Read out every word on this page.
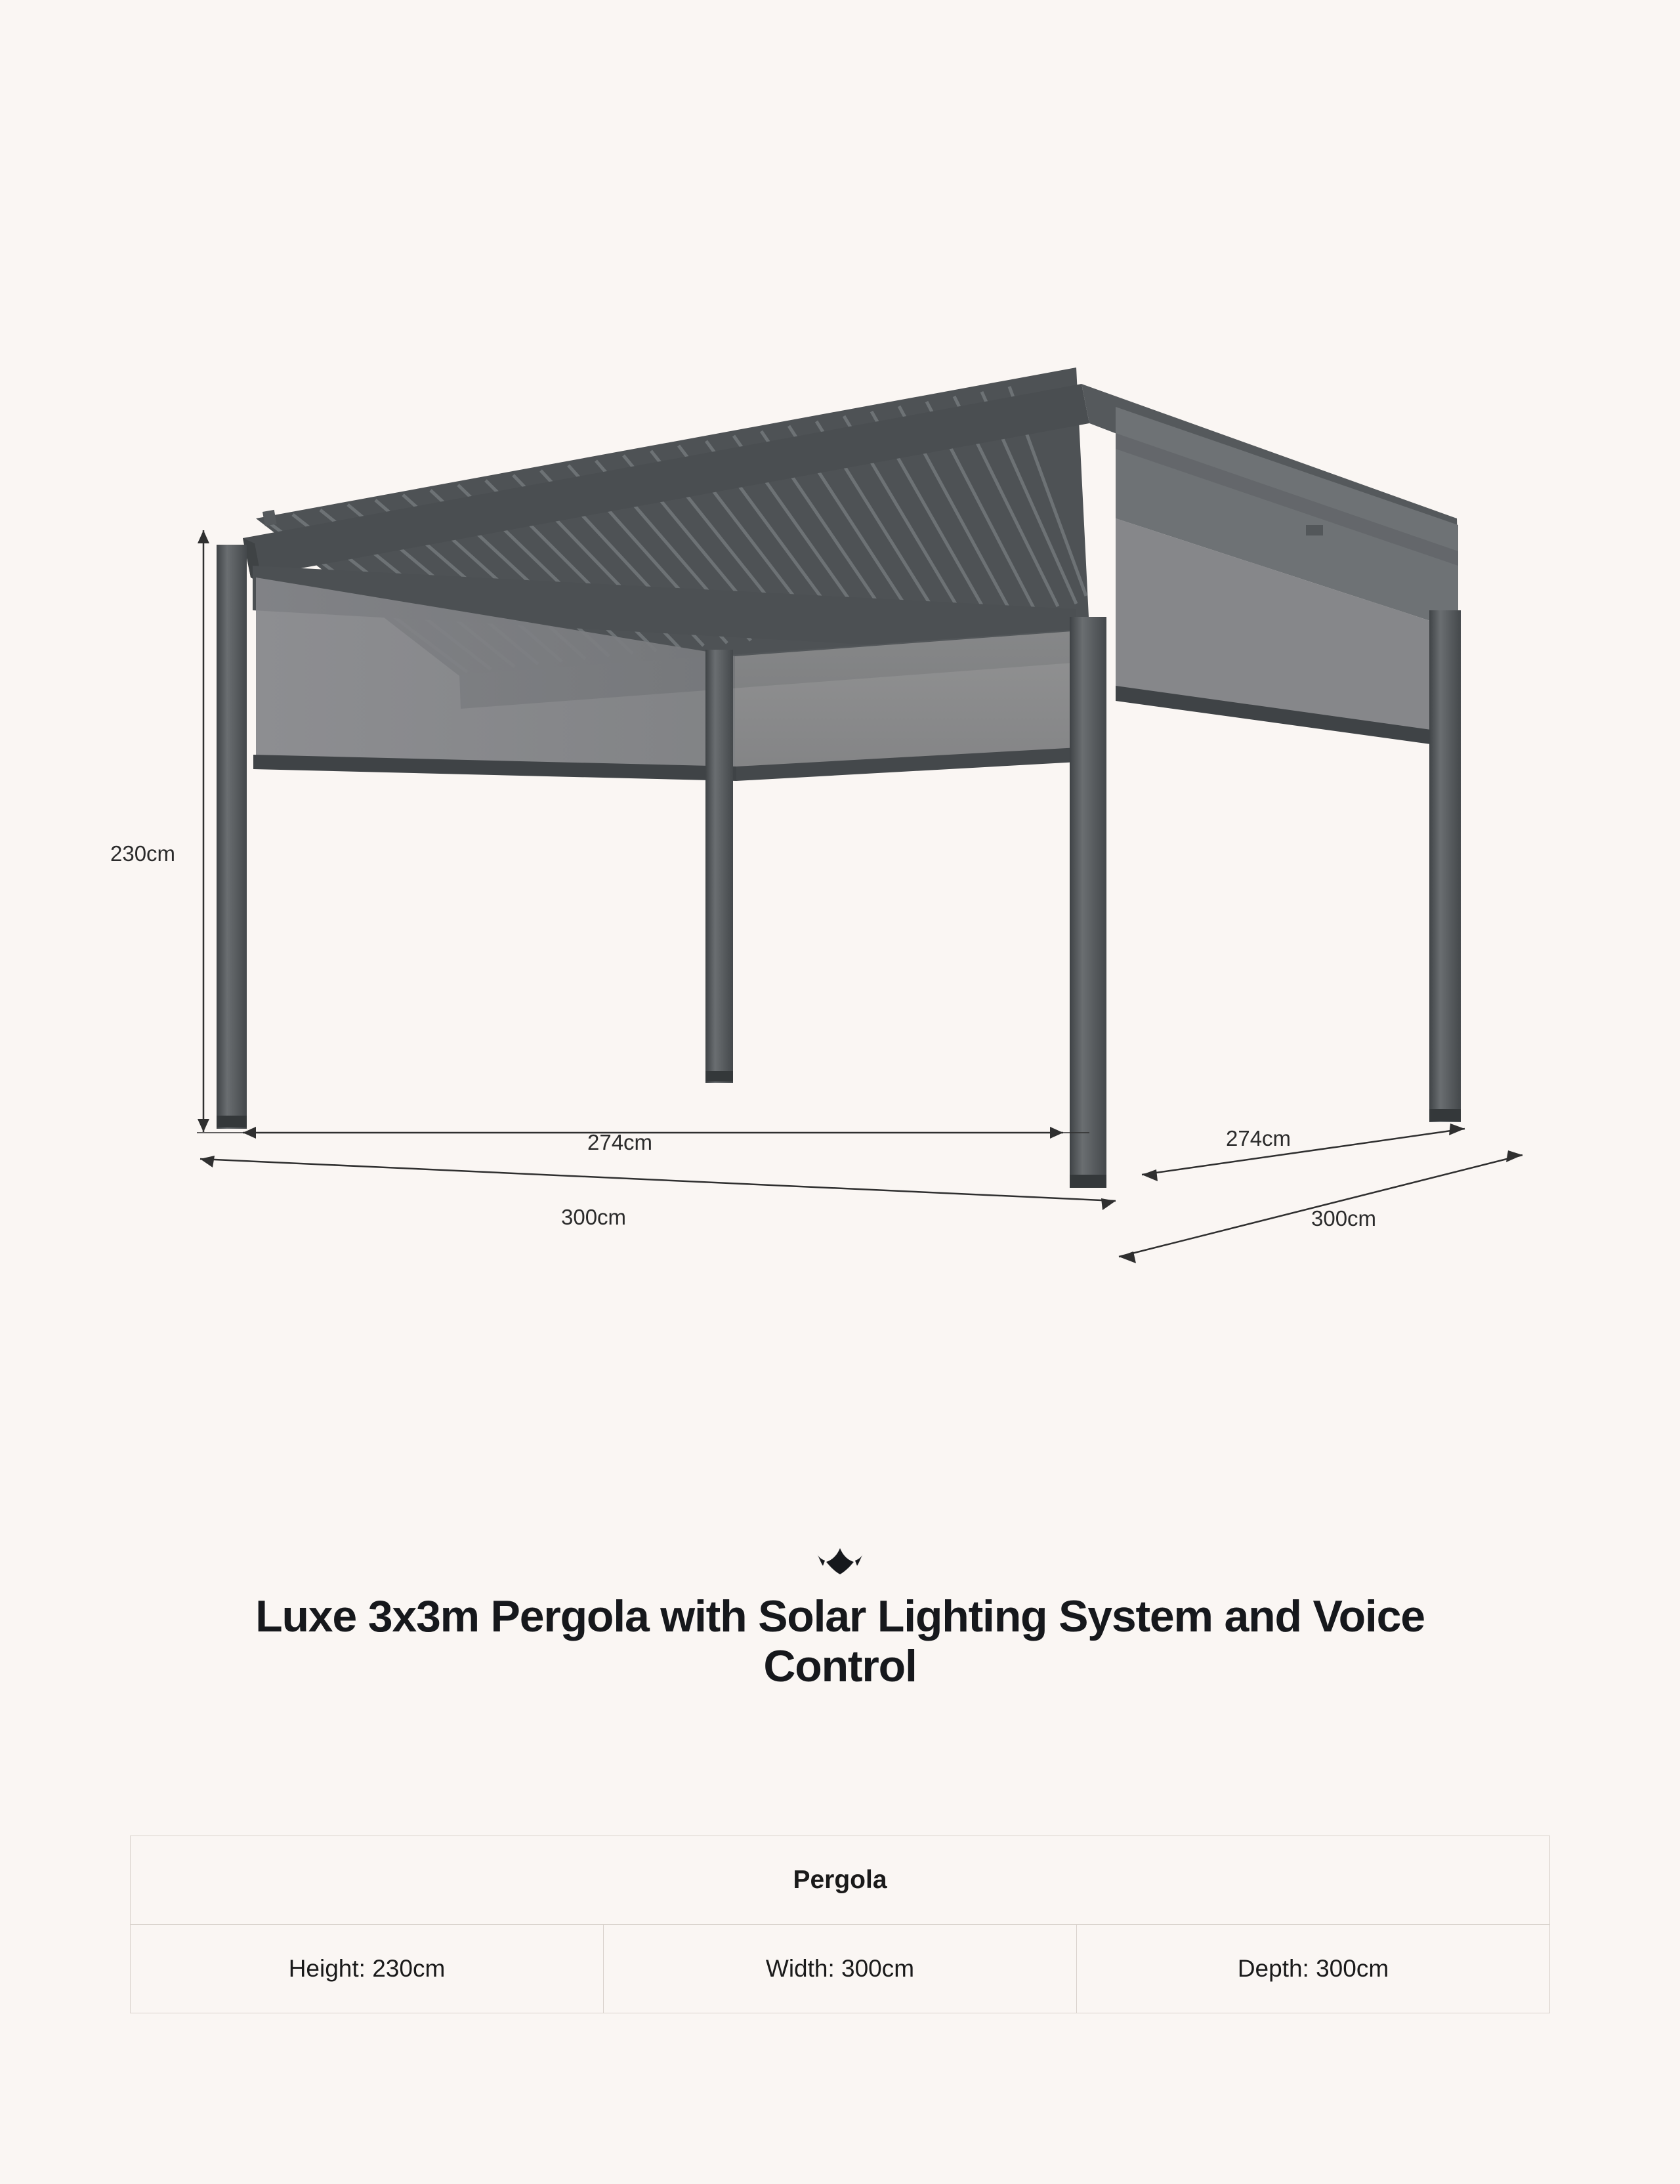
230cm
274cm
300cm
274cm
300cm
Luxe 3x3m Pergola with Solar Lighting System and Voice Control
Pergola
Height: 230cm	Width: 300cm	Depth: 300cm
